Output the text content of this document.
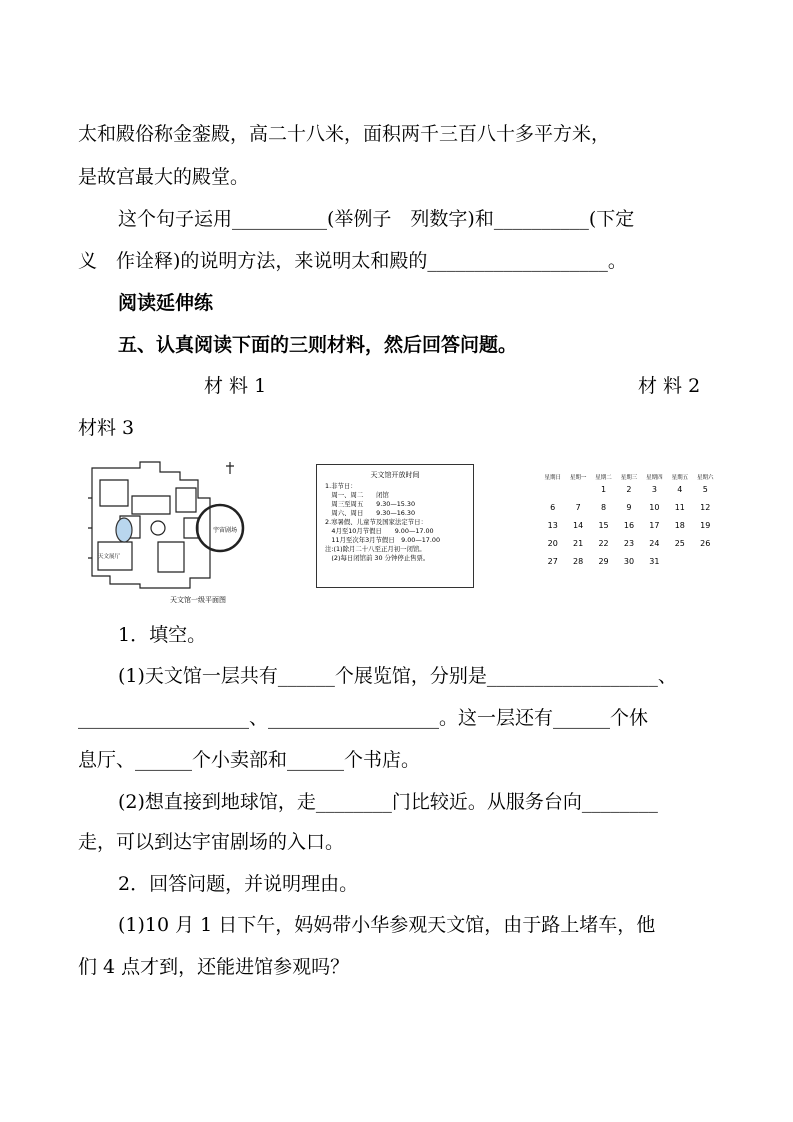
太和殿俗称金銮殿，高二十八米，面积两千三百八十多平方米，
是故宫最大的殿堂。
这个句子运用__________(举例子　列数字)和__________(下定
义　作诠释)的说明方法，来说明太和殿的___________________。
阅读延伸练
五、认真阅读下面的三则材料，然后回答问题。
材 料 1	材 料 2
材料 3
宇宙剧场
天文展厅
天文馆一级平面图
天文馆开放时间
1.非节日：
　周一、周二　　闭馆
　周三至周五　　9.30—15.30
　周六、周日　　9.30—16.30
2.寒暑假、儿童节及国家法定节日：
　4月至10月节假日　　9.00—17.00
　11月至次年3月节假日　9.00—17.00
注:(1)除月二十八至正月初一闭馆。
　(2)每日闭馆前 30 分钟停止售票。
星期日	星期一	星期二	星期三	星期四	星期五	星期六
		1	2	3	4	5
6	7	8	9	10	11	12
13	14	15	16	17	18	19
20	21	22	23	24	25	26
27	28	29	30	31		
1．填空。
(1)天文馆一层共有______个展览馆，分别是__________________、
__________________、__________________。这一层还有______个休
息厅、______个小卖部和______个书店。
(2)想直接到地球馆，走________门比较近。从服务台向________
走，可以到达宇宙剧场的入口。
2．回答问题，并说明理由。
(1)10 月 1 日下午，妈妈带小华参观天文馆，由于路上堵车，他
们 4 点才到，还能进馆参观吗？
